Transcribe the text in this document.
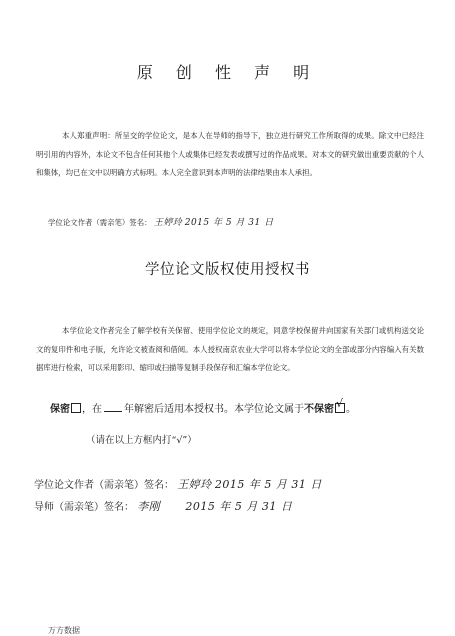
原 创 性 声 明
本人郑重声明：所呈交的学位论文，是本人在导师的指导下，独立进行研究工作所取得的成果。除文中已经注明引用的内容外，本论文不包含任何其他个人或集体已经发表或撰写过的作品成果。对本文的研究做出重要贡献的个人和集体，均已在文中以明确方式标明。本人完全意识到本声明的法律结果由本人承担。
学位论文作者（需亲笔）签名： 王婷玲 2015 年 5 月 31 日
学位论文版权使用授权书
本学位论文作者完全了解学校有关保留、使用学位论文的规定，同意学校保留并向国家有关部门或机构送交论文的复印件和电子版，允许论文被查阅和借阅。本人授权南京农业大学可以将本学位论文的全部或部分内容编入有关数据库进行检索，可以采用影印、缩印或扫描等复制手段保存和汇编本学位论文。
保密 ，在 年解密后适用本授权书。本学位论文属于不保密 √ 。
（请在以上方框内打“√”）
学位论文作者（需亲笔）签名： 王婷玲 2015 年 5 月 31 日
导师（需亲笔）签名： 李刚 2015 年 5 月 31 日
万方数据
